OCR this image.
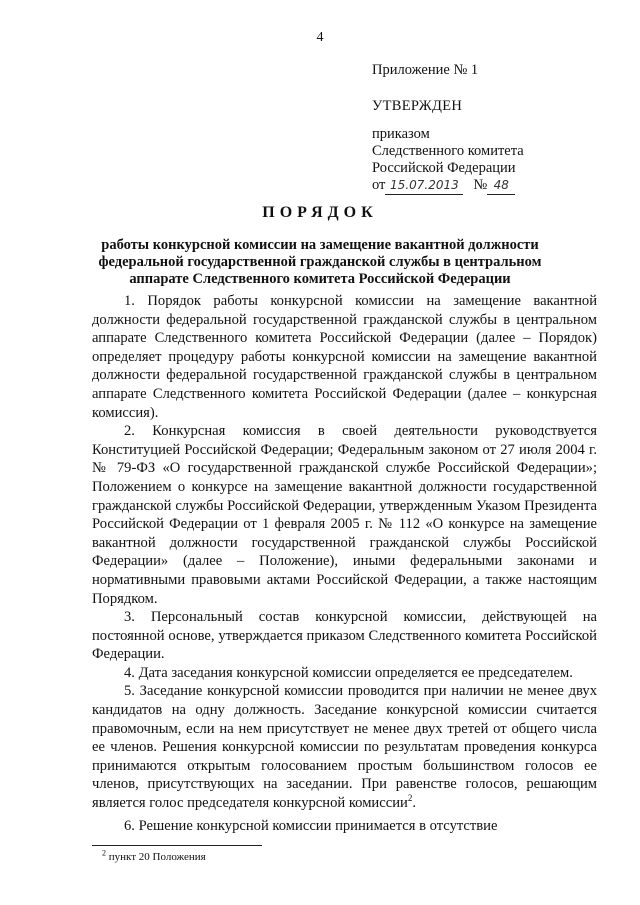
4
Приложение № 1
УТВЕРЖДЕН
приказом
Следственного комитета
Российской Федерации
от 15.07.2013	№ 48
ПОРЯДОК
работы конкурсной комиссии на замещение вакантной должности федеральной государственной гражданской службы в центральном аппарате Следственного комитета Российской Федерации

1. Порядок работы конкурсной комиссии на замещение вакантной должности федеральной государственной гражданской службы в центральном аппарате Следственного комитета Российской Федерации (далее – Порядок) определяет процедуру работы конкурсной комиссии на замещение вакантной должности федеральной государственной гражданской службы в центральном аппарате Следственного комитета Российской Федерации (далее – конкурсная комиссия).

2. Конкурсная комиссия в своей деятельности руководствуется Конституцией Российской Федерации; Федеральным законом от 27 июля 2004 г. № 79-ФЗ «О государственной гражданской службе Российской Федерации»; Положением о конкурсе на замещение вакантной должности государственной гражданской службы Российской Федерации, утвержденным Указом Президента Российской Федерации от 1 февраля 2005 г. № 112 «О конкурсе на замещение вакантной должности государственной гражданской службы Российской Федерации» (далее – Положение), иными федеральными законами и нормативными правовыми актами Российской Федерации, а также настоящим Порядком.

3. Персональный состав конкурсной комиссии, действующей на постоянной основе, утверждается приказом Следственного комитета Российской Федерации.

4. Дата заседания конкурсной комиссии определяется ее председателем.

5. Заседание конкурсной комиссии проводится при наличии не менее двух кандидатов на одну должность. Заседание конкурсной комиссии считается правомочным, если на нем присутствует не менее двух третей от общего числа ее членов. Решения конкурсной комиссии по результатам проведения конкурса принимаются открытым голосованием простым большинством голосов ее членов, присутствующих на заседании. При равенстве голосов, решающим является голос председателя конкурсной комиссии$^2$.

6. Решение конкурсной комиссии принимается в отсутствие

$^2$ пункт 20 Положения
